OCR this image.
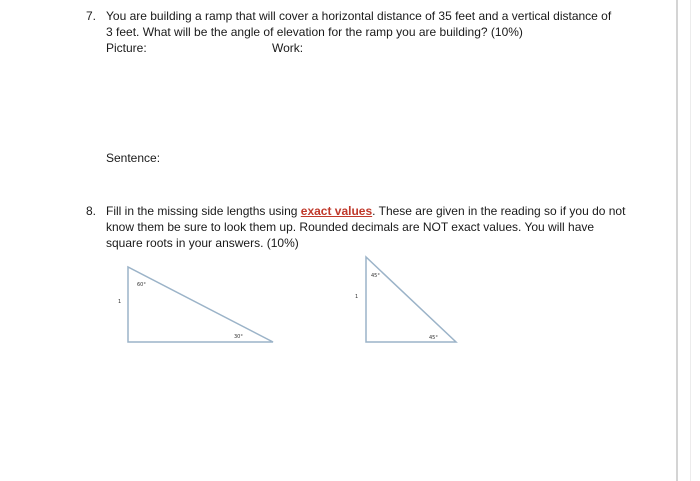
7. You are building a ramp that will cover a horizontal distance of 35 feet and a vertical distance of
3 feet. What will be the angle of elevation for the ramp you are building? (10%)
Picture:	Work:
Sentence:
8. Fill in the missing side lengths using exact values. These are given in the reading so if you do not
know them be sure to look them up. Rounded decimals are NOT exact values. You will have
square roots in your answers. (10%)
60°
30°
1
45°
45°
1
